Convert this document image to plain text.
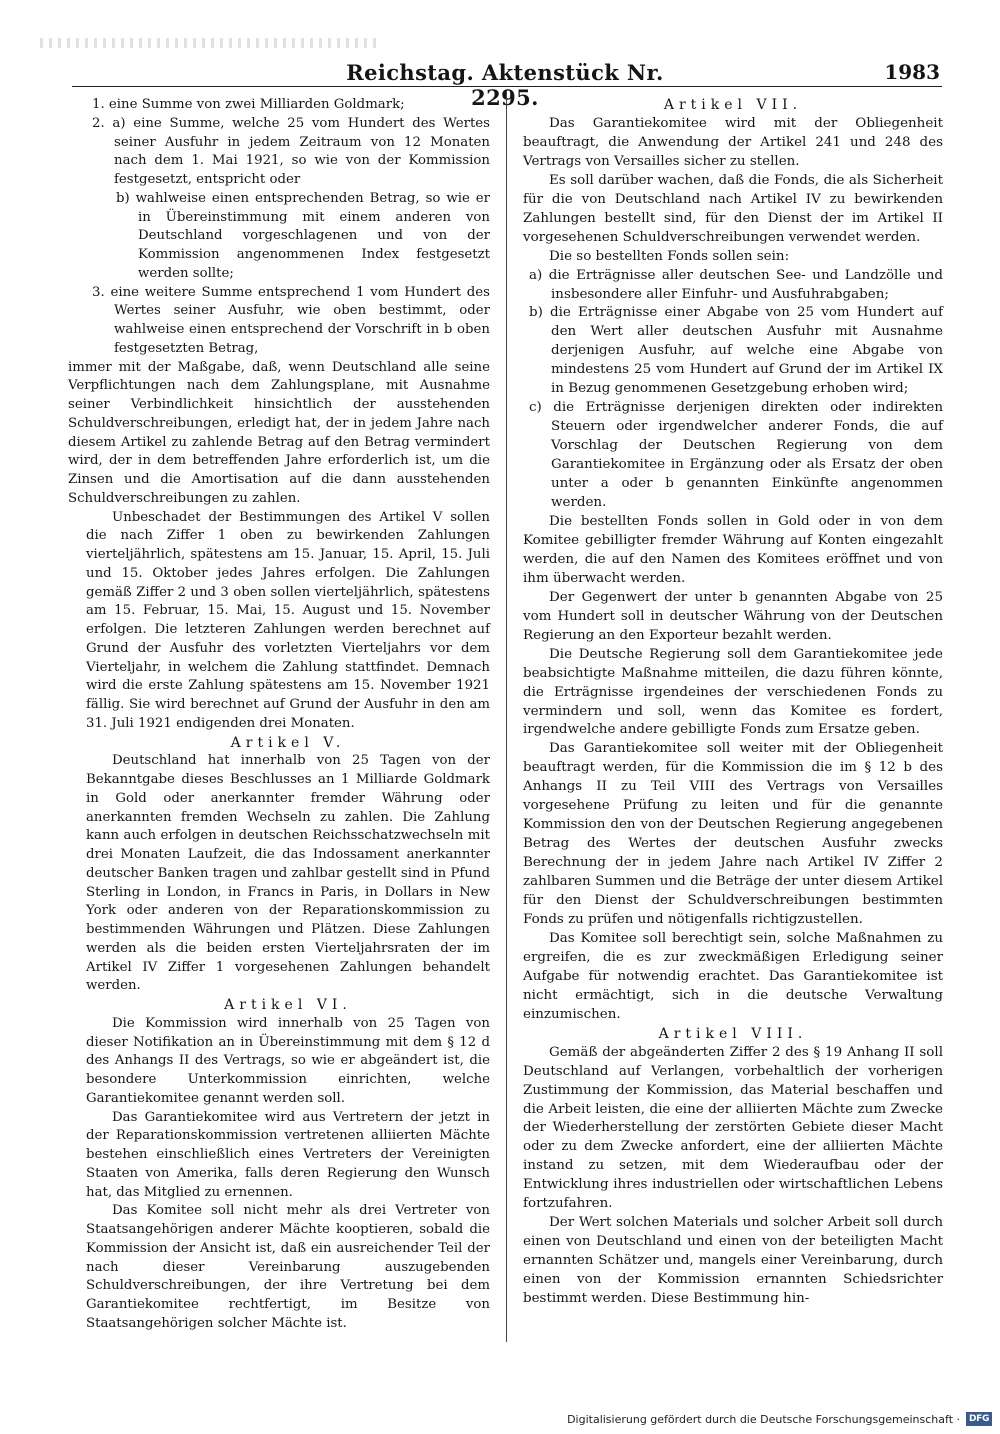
Reichstag. Aktenstück Nr. 2295.
1983

1. eine Summe von zwei Milliarden Goldmark;

2. a) eine Summe, welche 25 vom Hundert des Wertes seiner Ausfuhr in jedem Zeitraum von 12 Monaten nach dem 1. Mai 1921, so wie von der Kommission festgesetzt, entspricht oder

b) wahlweise einen entsprechenden Betrag, so wie er in Übereinstimmung mit einem anderen von Deutschland vorgeschlagenen und von der Kommission angenommenen Index festgesetzt werden sollte;

3. eine weitere Summe entsprechend 1 vom Hundert des Wertes seiner Ausfuhr, wie oben bestimmt, oder wahlweise einen entsprechend der Vorschrift in b oben festgesetzten Betrag,

immer mit der Maßgabe, daß, wenn Deutschland alle seine Verpflichtungen nach dem Zahlungsplane, mit Ausnahme seiner Verbindlichkeit hinsichtlich der ausstehenden Schuldverschreibungen, erledigt hat, der in jedem Jahre nach diesem Artikel zu zahlende Betrag auf den Betrag vermindert wird, der in dem betreffenden Jahre erforderlich ist, um die Zinsen und die Amortisation auf die dann ausstehenden Schuldverschreibungen zu zahlen.

Unbeschadet der Bestimmungen des Artikel V sollen die nach Ziffer 1 oben zu bewirkenden Zahlungen vierteljährlich, spätestens am 15. Januar, 15. April, 15. Juli und 15. Oktober jedes Jahres erfolgen. Die Zahlungen gemäß Ziffer 2 und 3 oben sollen vierteljährlich, spätestens am 15. Februar, 15. Mai, 15. August und 15. November erfolgen. Die letzteren Zahlungen werden berechnet auf Grund der Ausfuhr des vorletzten Vierteljahrs vor dem Vierteljahr, in welchem die Zahlung stattfindet. Demnach wird die erste Zahlung spätestens am 15. November 1921 fällig. Sie wird berechnet auf Grund der Ausfuhr in den am 31. Juli 1921 endigenden drei Monaten.

Artikel V.

Deutschland hat innerhalb von 25 Tagen von der Bekanntgabe dieses Beschlusses an 1 Milliarde Goldmark in Gold oder anerkannter fremder Währung oder anerkannten fremden Wechseln zu zahlen. Die Zahlung kann auch erfolgen in deutschen Reichsschatzwechseln mit drei Monaten Laufzeit, die das Indossament anerkannter deutscher Banken tragen und zahlbar gestellt sind in Pfund Sterling in London, in Francs in Paris, in Dollars in New York oder anderen von der Reparationskommission zu bestimmenden Währungen und Plätzen. Diese Zahlungen werden als die beiden ersten Vierteljahrsraten der im Artikel IV Ziffer 1 vorgesehenen Zahlungen behandelt werden.

Artikel VI.

Die Kommission wird innerhalb von 25 Tagen von dieser Notifikation an in Übereinstimmung mit dem § 12 d des Anhangs II des Vertrags, so wie er abgeändert ist, die besondere Unterkommission einrichten, welche Garantiekomitee genannt werden soll.

Das Garantiekomitee wird aus Vertretern der jetzt in der Reparationskommission vertretenen alliierten Mächte bestehen einschließlich eines Vertreters der Vereinigten Staaten von Amerika, falls deren Regierung den Wunsch hat, das Mitglied zu ernennen.

Das Komitee soll nicht mehr als drei Vertreter von Staatsangehörigen anderer Mächte kooptieren, sobald die Kommission der Ansicht ist, daß ein ausreichender Teil der nach dieser Vereinbarung auszugebenden Schuldverschreibungen, der ihre Vertretung bei dem Garantiekomitee rechtfertigt, im Besitze von Staatsangehörigen solcher Mächte ist.

Artikel VII.

Das Garantiekomitee wird mit der Obliegenheit beauftragt, die Anwendung der Artikel 241 und 248 des Vertrags von Versailles sicher zu stellen.

Es soll darüber wachen, daß die Fonds, die als Sicherheit für die von Deutschland nach Artikel IV zu bewirkenden Zahlungen bestellt sind, für den Dienst der im Artikel II vorgesehenen Schuldverschreibungen verwendet werden.

Die so bestellten Fonds sollen sein:

a) die Erträgnisse aller deutschen See- und Landzölle und insbesondere aller Einfuhr- und Ausfuhrabgaben;

b) die Erträgnisse einer Abgabe von 25 vom Hundert auf den Wert aller deutschen Ausfuhr mit Ausnahme derjenigen Ausfuhr, auf welche eine Abgabe von mindestens 25 vom Hundert auf Grund der im Artikel IX in Bezug genommenen Gesetzgebung erhoben wird;

c) die Erträgnisse derjenigen direkten oder indirekten Steuern oder irgendwelcher anderer Fonds, die auf Vorschlag der Deutschen Regierung von dem Garantiekomitee in Ergänzung oder als Ersatz der oben unter a oder b genannten Einkünfte angenommen werden.

Die bestellten Fonds sollen in Gold oder in von dem Komitee gebilligter fremder Währung auf Konten eingezahlt werden, die auf den Namen des Komitees eröffnet und von ihm überwacht werden.

Der Gegenwert der unter b genannten Abgabe von 25 vom Hundert soll in deutscher Währung von der Deutschen Regierung an den Exporteur bezahlt werden.

Die Deutsche Regierung soll dem Garantiekomitee jede beabsichtigte Maßnahme mitteilen, die dazu führen könnte, die Erträgnisse irgendeines der verschiedenen Fonds zu vermindern und soll, wenn das Komitee es fordert, irgendwelche andere gebilligte Fonds zum Ersatze geben.

Das Garantiekomitee soll weiter mit der Obliegenheit beauftragt werden, für die Kommission die im § 12 b des Anhangs II zu Teil VIII des Vertrags von Versailles vorgesehene Prüfung zu leiten und für die genannte Kommission den von der Deutschen Regierung angegebenen Betrag des Wertes der deutschen Ausfuhr zwecks Berechnung der in jedem Jahre nach Artikel IV Ziffer 2 zahlbaren Summen und die Beträge der unter diesem Artikel für den Dienst der Schuldverschreibungen bestimmten Fonds zu prüfen und nötigenfalls richtigzustellen.

Das Komitee soll berechtigt sein, solche Maßnahmen zu ergreifen, die es zur zweckmäßigen Erledigung seiner Aufgabe für notwendig erachtet. Das Garantiekomitee ist nicht ermächtigt, sich in die deutsche Verwaltung einzumischen.

Artikel VIII.

Gemäß der abgeänderten Ziffer 2 des § 19 Anhang II soll Deutschland auf Verlangen, vorbehaltlich der vorherigen Zustimmung der Kommission, das Material beschaffen und die Arbeit leisten, die eine der alliierten Mächte zum Zwecke der Wiederherstellung der zerstörten Gebiete dieser Macht oder zu dem Zwecke anfordert, eine der alliierten Mächte instand zu setzen, mit dem Wiederaufbau oder der Entwicklung ihres industriellen oder wirtschaftlichen Lebens fortzufahren.

Der Wert solchen Materials und solcher Arbeit soll durch einen von Deutschland und einen von der beteiligten Macht ernannten Schätzer und, mangels einer Vereinbarung, durch einen von der Kommission ernannten Schiedsrichter bestimmt werden. Diese Bestimmung hin-

Digitalisierung gefördert durch die Deutsche Forschungsgemeinschaft · DFG
